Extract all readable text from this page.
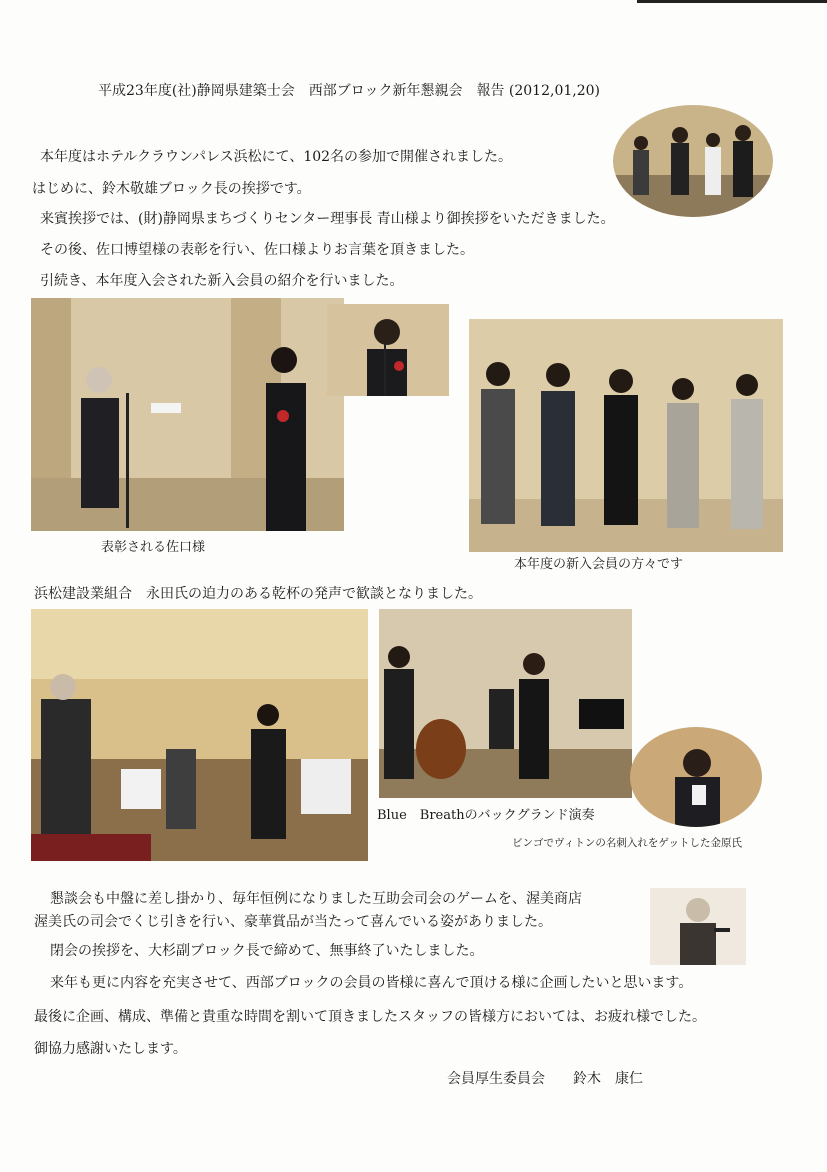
平成23年度(社)静岡県建築士会　西部ブロック新年懇親会　報告 (2012,01,20)
本年度はホテルクラウンパレス浜松にて、102名の参加で開催されました。
はじめに、鈴木敬雄ブロック長の挨拶です。
来賓挨拶では、(財)静岡県まちづくりセンター理事長 青山様より御挨拶をいただきました。
その後、佐口博望様の表彰を行い、佐口様よりお言葉を頂きました。
引続き、本年度入会された新入会員の紹介を行いました。
表彰される佐口様
本年度の新入会員の方々です
浜松建設業組合　永田氏の迫力のある乾杯の発声で歓談となりました。
Blue　Breathのバックグランド演奏
ビンゴでヴィトンの名刺入れをゲットした金原氏
懇談会も中盤に差し掛かり、毎年恒例になりました互助会司会のゲームを、渥美商店
渥美氏の司会でくじ引きを行い、豪華賞品が当たって喜んでいる姿がありました。
閉会の挨拶を、大杉副ブロック長で締めて、無事終了いたしました。
来年も更に内容を充実させて、西部ブロックの会員の皆様に喜んで頂ける様に企画したいと思います。
最後に企画、構成、準備と貴重な時間を割いて頂きましたスタッフの皆様方においては、お疲れ様でした。
御協力感謝いたします。
会員厚生委員会　　鈴木　康仁
